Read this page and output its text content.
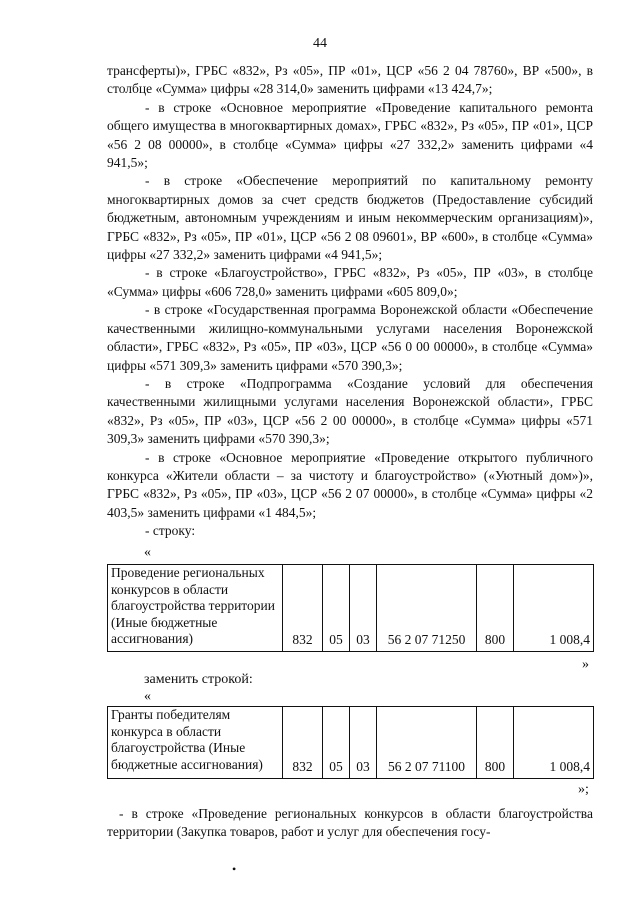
44

трансферты)», ГРБС «832», Рз «05», ПР «01», ЦСР «56 2 04 78760», ВР «500», в столбце «Сумма» цифры «28 314,0» заменить цифрами «13 424,7»;

- в строке «Основное мероприятие «Проведение капитального ремонта общего имущества в многоквартирных домах», ГРБС «832», Рз «05», ПР «01», ЦСР «56 2 08 00000», в столбце «Сумма» цифры «27 332,2» заменить цифрами «4 941,5»;

- в строке «Обеспечение мероприятий по капитальному ремонту многоквартирных домов за счет средств бюджетов (Предоставление субсидий бюджетным, автономным учреждениям и иным некоммерческим организациям)», ГРБС «832», Рз «05», ПР «01», ЦСР «56 2 08 09601», ВР «600», в столбце «Сумма» цифры «27 332,2» заменить цифрами «4 941,5»;

- в строке «Благоустройство», ГРБС «832», Рз «05», ПР «03», в столбце «Сумма» цифры «606 728,0» заменить цифрами «605 809,0»;

- в строке «Государственная программа Воронежской области «Обеспечение качественными жилищно-коммунальными услугами населения Воронежской области», ГРБС «832», Рз «05», ПР «03», ЦСР «56 0 00 00000», в столбце «Сумма» цифры «571 309,3» заменить цифрами «570 390,3»;

- в строке «Подпрограмма «Создание условий для обеспечения качественными жилищными услугами населения Воронежской области», ГРБС «832», Рз «05», ПР «03», ЦСР «56 2 00 00000», в столбце «Сумма» цифры «571 309,3» заменить цифрами «570 390,3»;

- в строке «Основное мероприятие «Проведение открытого публичного конкурса «Жители области – за чистоту и благоустройство» («Уютный дом»)», ГРБС «832», Рз «05», ПР «03», ЦСР «56 2 07 00000», в столбце «Сумма» цифры «2 403,5» заменить цифрами «1 484,5»;

- строку:

«
Проведение региональных конкурсов в области благоустройства территории (Иные бюджетные ассигнования)	832	05	03	56 2 07 71250	800	1 008,4
»
заменить строкой:
«
Гранты победителям конкурса в области благоустройства (Иные бюджетные ассигнования)	832	05	03	56 2 07 71100	800	1 008,4
»;

- в строке «Проведение региональных конкурсов в области благоустройства территории (Закупка товаров, работ и услуг для обеспечения госу-

•
